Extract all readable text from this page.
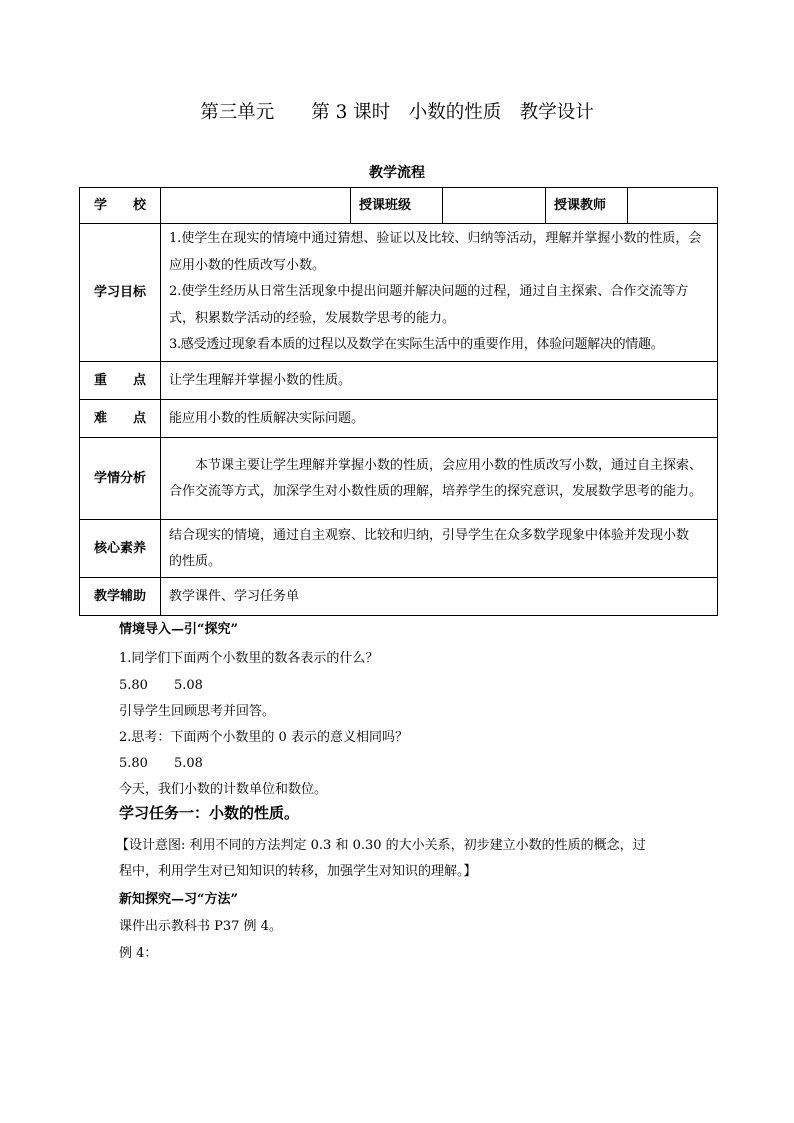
第三单元　　第 3 课时　小数的性质　教学设计
教学流程
学　　校		授课班级		授课教师	
学习目标	1.使学生在现实的情境中通过猜想、验证以及比较、归纳等活动，理解并掌握小数的性质，会应用小数的性质改写小数。
2.使学生经历从日常生活现象中提出问题并解决问题的过程，通过自主探索、合作交流等方式，积累数学活动的经验，发展数学思考的能力。
3.感受透过现象看本质的过程以及数学在实际生活中的重要作用，体验问题解决的情趣。				

重　　点	让学生理解并掌握小数的性质。				
难　　点	能应用小数的性质解决实际问题。				
学情分析	本节课主要让学生理解并掌握小数的性质，会应用小数的性质改写小数，通过自主探索、合作交流等方式，加深学生对小数性质的理解，培养学生的探究意识，发展数学思考的能力。				
核心素养	结合现实的情境，通过自主观察、比较和归纳，引导学生在众多数学现象中体验并发现小数的性质。				
教学辅助	教学课件、学习任务单				
情境导入—引“探究”
1.同学们下面两个小数里的数各表示的什么？
5.80　　5.08
引导学生回顾思考并回答。
2.思考：下面两个小数里的 0 表示的意义相同吗？
5.80　　5.08
今天，我们小数的计数单位和数位。
学习任务一：小数的性质。
【设计意图: 利用不同的方法判定 0.3 和 0.30 的大小关系，初步建立小数的性质的概念，过
程中，利用学生对已知知识的转移，加强学生对知识的理解。】
新知探究—习“方法”
课件出示教科书 P37 例 4。
例 4：
